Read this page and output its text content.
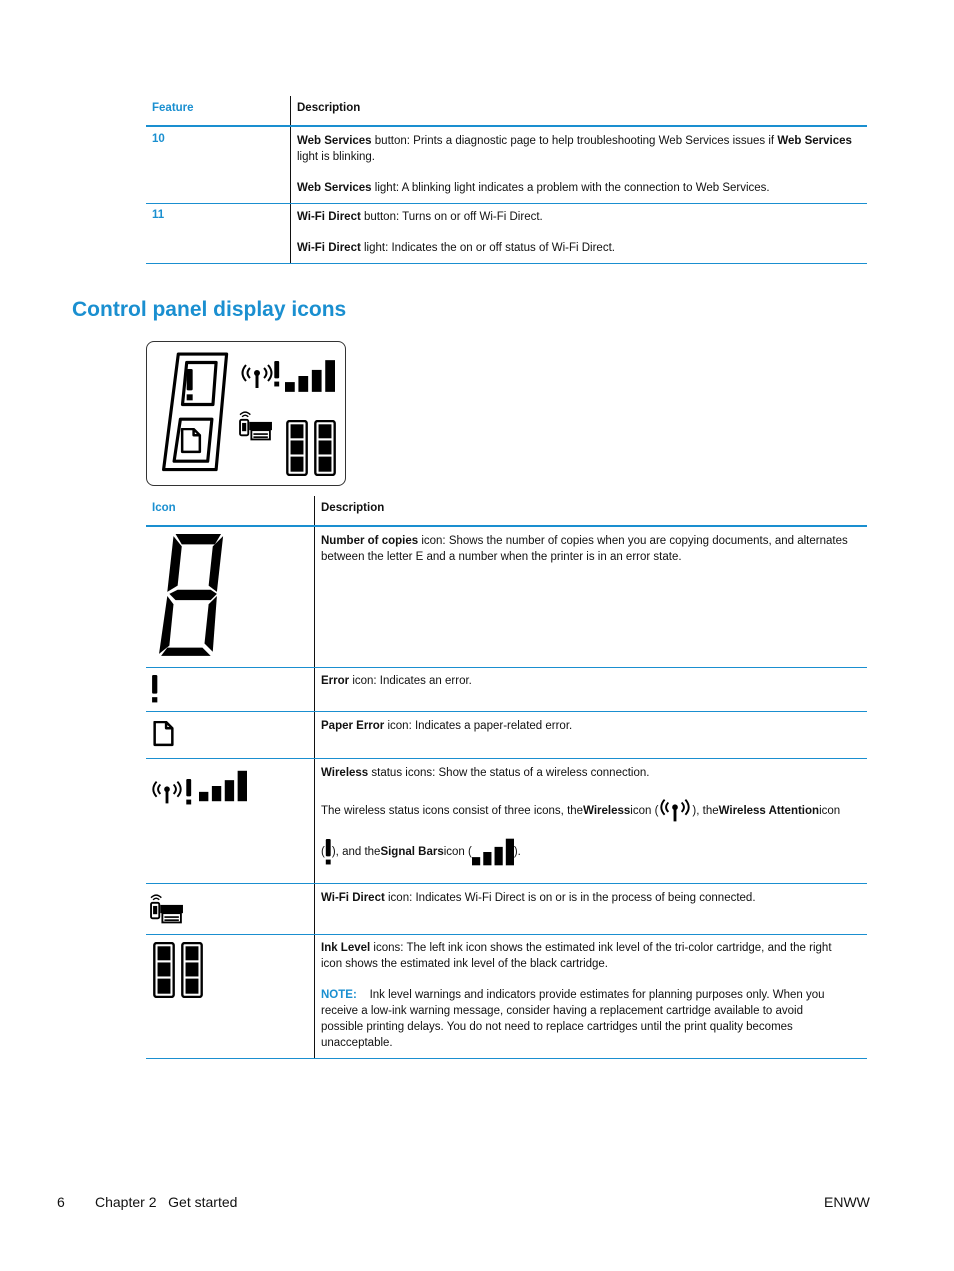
Feature	Description
10	Web Services button: Prints a diagnostic page to help troubleshooting Web Services issues if Web Services
light is blinking.
Web Services light: A blinking light indicates a problem with the connection to Web Services.
11	Wi-Fi Direct button: Turns on or off Wi-Fi Direct.
Wi-Fi Direct light: Indicates the on or off status of Wi-Fi Direct.
Control panel display icons
Icon	Description
Number of copies icon: Shows the number of copies when you are copying documents, and alternates
between the letter E and a number when the printer is in an error state.
Error icon: Indicates an error.
Paper Error icon: Indicates a paper-related error.
Wireless status icons: Show the status of a wireless connection.
The wireless status icons consist of three icons, theWirelessicon (	), theWireless Attentionicon
( ), and theSignal Barsicon (	).
Wi-Fi Direct icon: Indicates Wi-Fi Direct is on or is in the process of being connected.
Ink Level icons: The left ink icon shows the estimated ink level of the tri-color cartridge, and the right
icon shows the estimated ink level of the black cartridge.
NOTE: Ink level warnings and indicators provide estimates for planning purposes only. When you
receive a low-ink warning message, consider having a replacement cartridge available to avoid
possible printing delays. You do not need to replace cartridges until the print quality becomes
unacceptable.
6 Chapter 2   Get started	ENWW
